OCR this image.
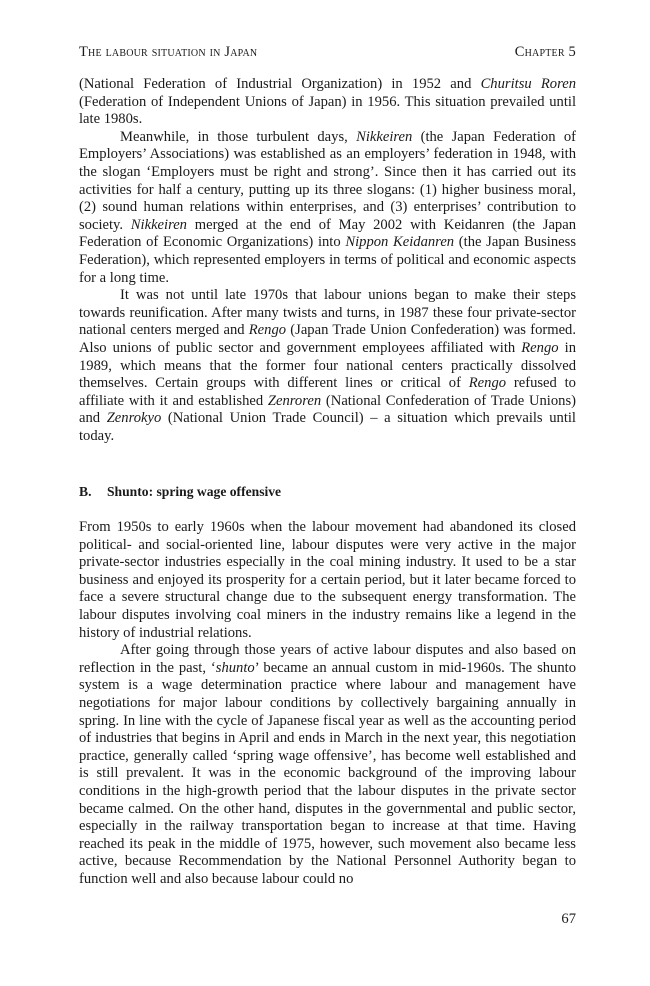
The labour situation in Japan	Chapter 5

(National Federation of Industrial Organization) in 1952 and Churitsu Roren (Federation of Independent Unions of Japan) in 1956. This situation prevailed until late 1980s.

Meanwhile, in those turbulent days, Nikkeiren (the Japan Federation of Employers’ Associations) was established as an employers’ federation in 1948, with the slogan ‘Employers must be right and strong’. Since then it has carried out its activities for half a century, putting up its three slogans: (1) higher business moral, (2) sound human relations within enterprises, and (3) enterprises’ contribution to society. Nikkeiren merged at the end of May 2002 with Keidanren (the Japan Federation of Economic Organizations) into Nippon Keidanren (the Japan Business Federation), which represented employers in terms of political and economic aspects for a long time.

It was not until late 1970s that labour unions began to make their steps towards reunification. After many twists and turns, in 1987 these four private-sector national centers merged and Rengo (Japan Trade Union Confederation) was formed. Also unions of public sector and government employees affiliated with Rengo in 1989, which means that the former four national centers practically dissolved themselves. Certain groups with different lines or critical of Rengo refused to affiliate with it and established Zenroren (National Confederation of Trade Unions) and Zenrokyo (National Union Trade Council) – a situation which prevails until today.

B. Shunto: spring wage offensive

From 1950s to early 1960s when the labour movement had abandoned its closed political- and social-oriented line, labour disputes were very active in the major private-sector industries especially in the coal mining industry. It used to be a star business and enjoyed its prosperity for a certain period, but it later became forced to face a severe structural change due to the subsequent energy transformation. The labour disputes involving coal miners in the industry remains like a legend in the history of industrial relations.

After going through those years of active labour disputes and also based on reflection in the past, ‘shunto’ became an annual custom in mid-1960s. The shunto system is a wage determination practice where labour and management have negotiations for major labour conditions by collectively bargaining annually in spring. In line with the cycle of Japanese fiscal year as well as the accounting period of industries that begins in April and ends in March in the next year, this negotiation practice, generally called ‘spring wage offensive’, has become well established and is still prevalent. It was in the economic background of the improving labour conditions in the high-growth period that the labour disputes in the private sector became calmed. On the other hand, disputes in the governmental and public sector, especially in the railway transportation began to increase at that time. Having reached its peak in the middle of 1975, however, such movement also became less active, because Recommendation by the National Personnel Authority began to function well and also because labour could no

67
